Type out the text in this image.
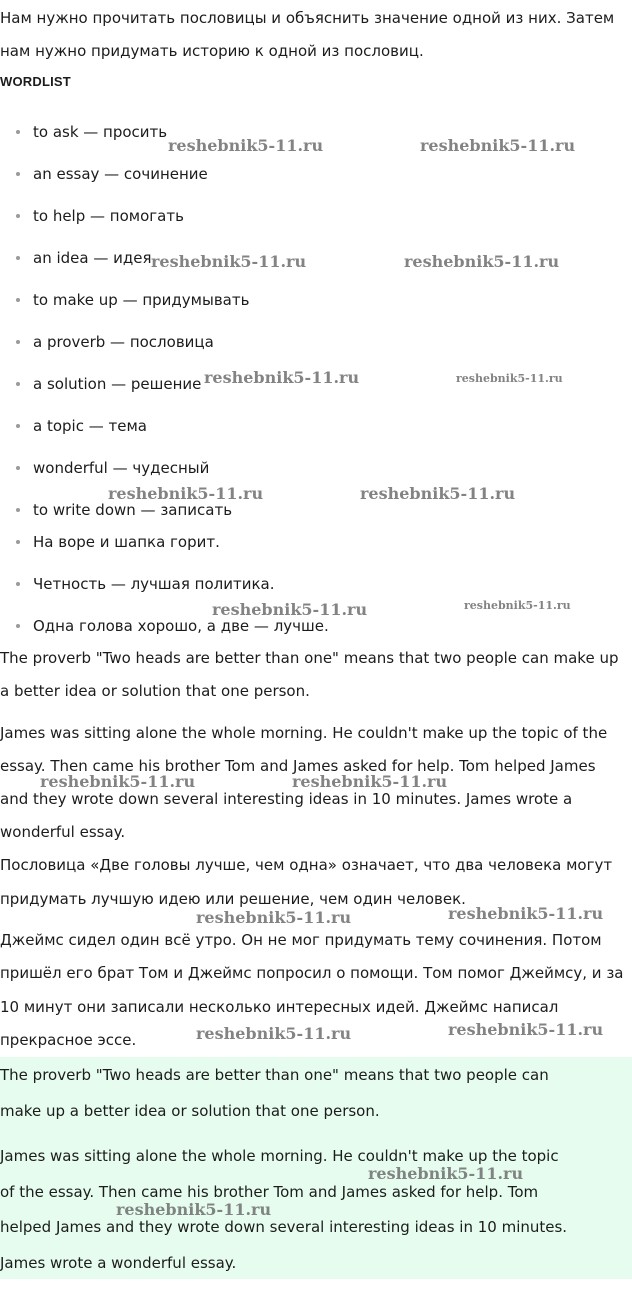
Нам нужно прочитать пословицы и объяснить значение одной из них. Затем
нам нужно придумать историю к одной из пословиц.
WORDLIST
to ask — просить
an essay — сочинение
to help — помогать
an idea — идея
to make up — придумывать
a proverb — пословица
a solution — решение
a topic — тема
wonderful — чудесный
to write down — записать
На воре и шапка горит.
Четность — лучшая политика.
Одна голова хорошо, а две — лучше.
The proverb "Two heads are better than one" means that two people can make up
a better idea or solution that one person.
James was sitting alone the whole morning. He couldn't make up the topic of the
essay. Then came his brother Tom and James asked for help. Tom helped James
and they wrote down several interesting ideas in 10 minutes. James wrote a
wonderful essay.
Пословица «Две головы лучше, чем одна» означает, что два человека могут
придумать лучшую идею или решение, чем один человек.
Джеймс сидел один всё утро. Он не мог придумать тему сочинения. Потом
пришёл его брат Том и Джеймс попросил о помощи. Том помог Джеймсу, и за
10 минут они записали несколько интересных идей. Джеймс написал
прекрасное эссе.
The proverb "Two heads are better than one" means that two people can
make up a better idea or solution that one person.
James was sitting alone the whole morning. He couldn't make up the topic
of the essay. Then came his brother Tom and James asked for help. Tom
helped James and they wrote down several interesting ideas in 10 minutes.
James wrote a wonderful essay.
reshebnik5-11.ru	reshebnik5-11.ru
reshebnik5-11.ru	reshebnik5-11.ru
reshebnik5-11.ru	reshebnik5-11.ru
reshebnik5-11.ru	reshebnik5-11.ru
reshebnik5-11.ru	reshebnik5-11.ru
reshebnik5-11.ru	reshebnik5-11.ru
reshebnik5-11.ru	reshebnik5-11.ru
reshebnik5-11.ru	reshebnik5-11.ru
reshebnik5-11.ru
reshebnik5-11.ru
